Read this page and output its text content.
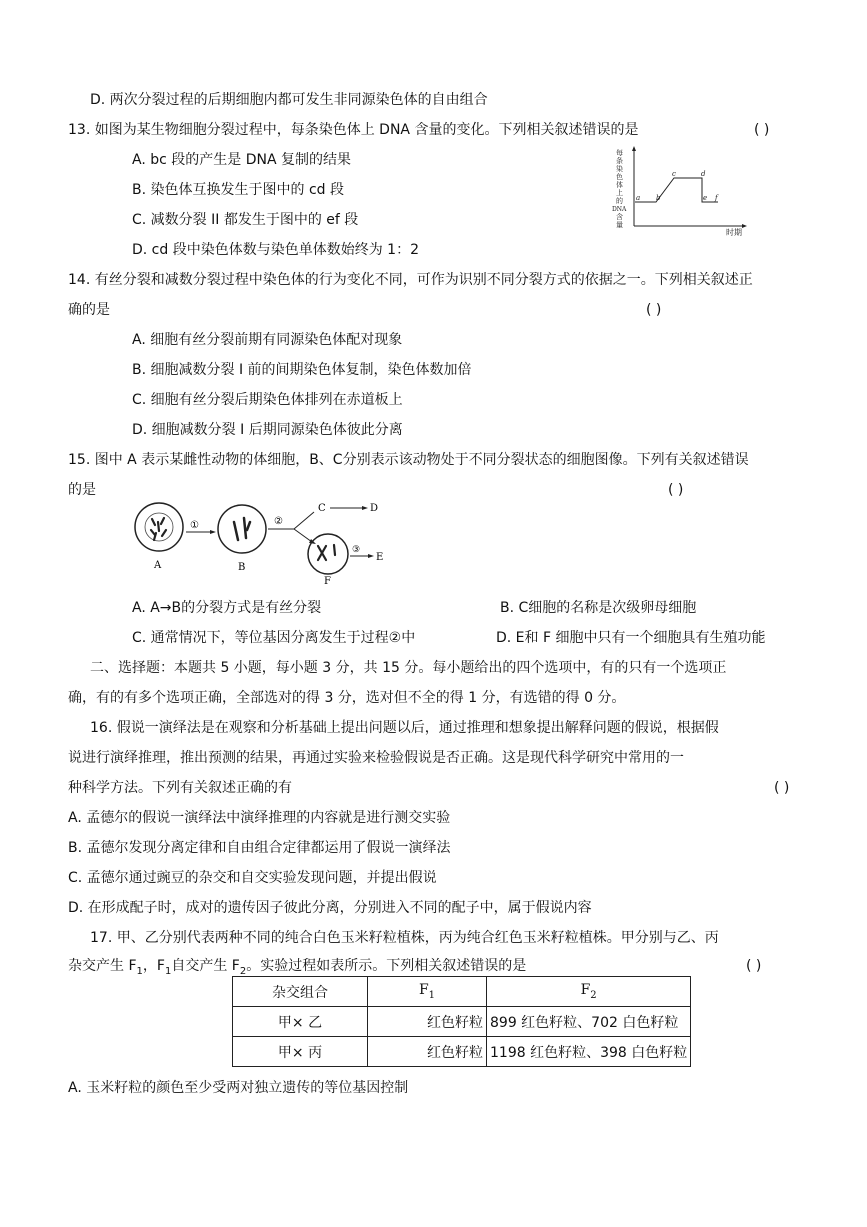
D. 两次分裂过程的后期细胞内都可发生非同源染色体的自由组合
13. 如图为某生物细胞分裂过程中，每条染色体上 DNA 含量的变化。下列相关叙述错误的是	( )
A. bc 段的产生是 DNA 复制的结果
B. 染色体互换发生于图中的 cd 段
C. 减数分裂 II 都发生于图中的 ef 段
D. cd 段中染色体数与染色单体数始终为 1：2
每
条
染
色
体
上
的
DNA
含
量
时期
a b
c	d
e f
14. 有丝分裂和减数分裂过程中染色体的行为变化不同，可作为识别不同分裂方式的依据之一。下列相关叙述正
确的是	( )
A. 细胞有丝分裂前期有同源染色体配对现象
B. 细胞减数分裂 I 前的间期染色体复制，染色体数加倍
C. 细胞有丝分裂后期染色体排列在赤道板上
D. 细胞减数分裂 I 后期同源染色体彼此分离
15. 图中 A 表示某雌性动物的体细胞，B、C分别表示该动物处于不同分裂状态的细胞图像。下列有关叙述错误
的是	( )
A
①
B
②
C	D
F
③
E
A. A→B的分裂方式是有丝分裂	B. C细胞的名称是次级卵母细胞
C. 通常情况下，等位基因分离发生于过程②中	D. E和 F 细胞中只有一个细胞具有生殖功能
二、选择题：本题共 5 小题，每小题 3 分，共 15 分。每小题给出的四个选项中，有的只有一个选项正
确，有的有多个选项正确，全部选对的得 3 分，选对但不全的得 1 分，有选错的得 0 分。
16. 假说一演绎法是在观察和分析基础上提出问题以后，通过推理和想象提出解释问题的假说，根据假
说进行演绎推理，推出预测的结果，再通过实验来检验假说是否正确。这是现代科学研究中常用的一
种科学方法。下列有关叙述正确的有	( )
A. 孟德尔的假说一演绎法中演绎推理的内容就是进行测交实验
B. 孟德尔发现分离定律和自由组合定律都运用了假说一演绎法
C. 孟德尔通过豌豆的杂交和自交实验发现问题，并提出假说
D. 在形成配子时，成对的遗传因子彼此分离，分别进入不同的配子中，属于假说内容
17. 甲、乙分别代表两种不同的纯合白色玉米籽粒植株，丙为纯合红色玉米籽粒植株。甲分别与乙、丙
杂交产生 $F_1$，$F_1$自交产生 $F_2$。实验过程如表所示。下列相关叙述错误的是	( )
杂交组合	$F_1$	$F_2$
甲× 乙	红色籽粒	899 红色籽粒、702 白色籽粒
甲× 丙	红色籽粒	1198 红色籽粒、398 白色籽粒
A. 玉米籽粒的颜色至少受两对独立遗传的等位基因控制
